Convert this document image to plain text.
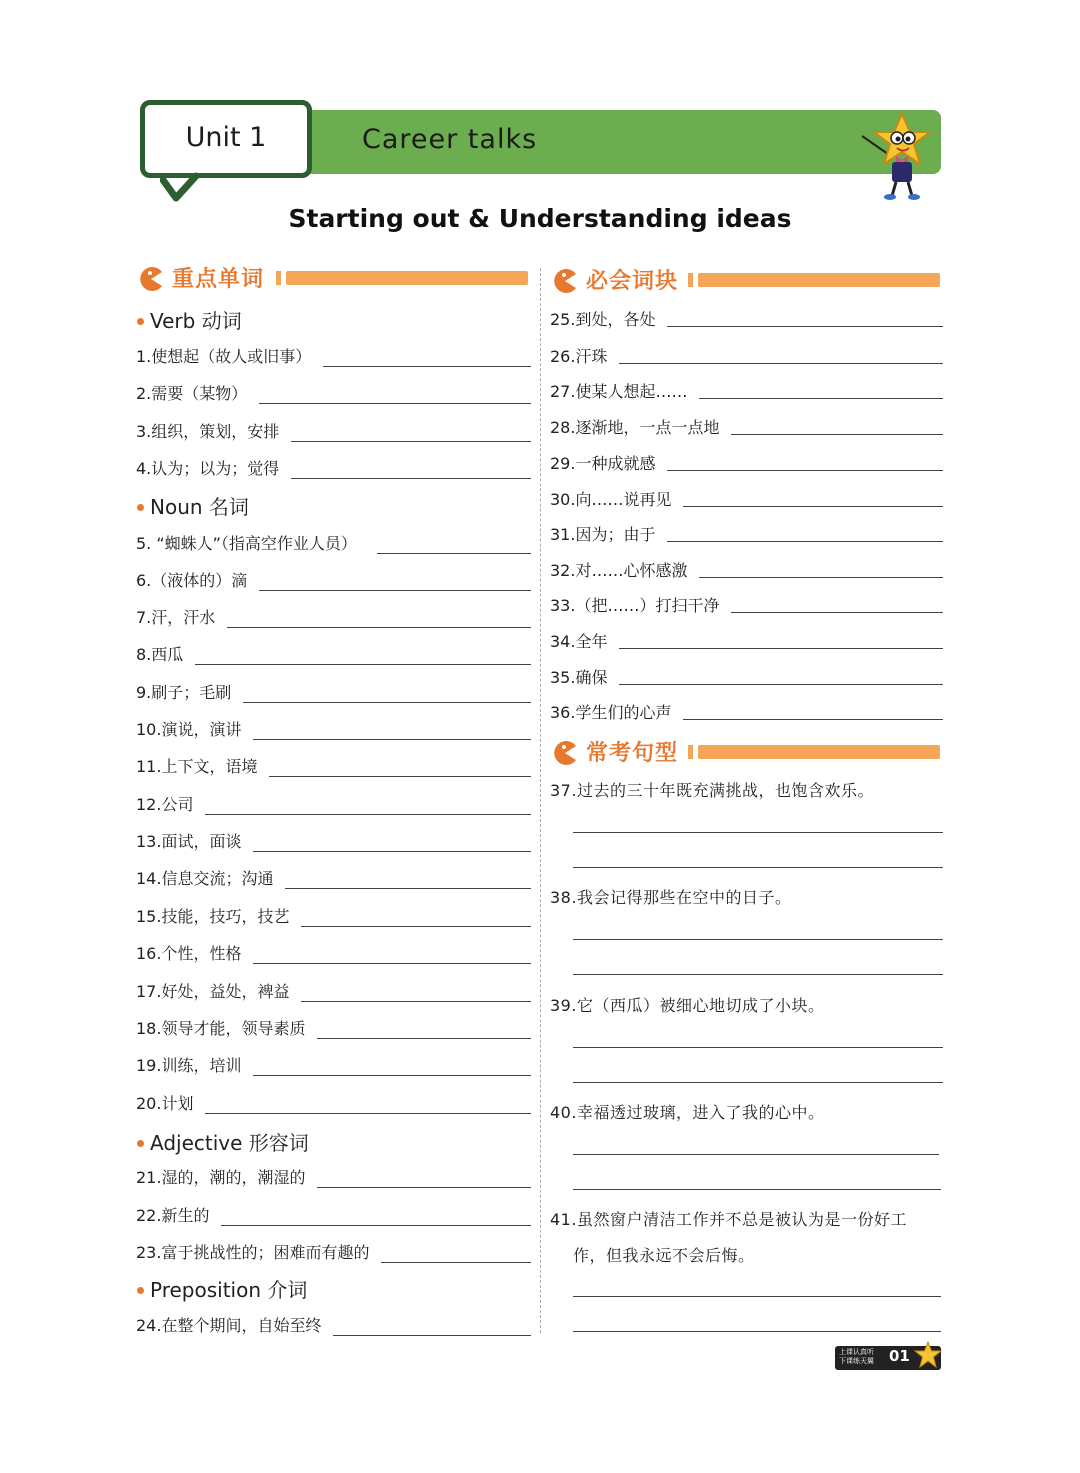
Unit 1	Career talks
Starting out & Understanding ideas
重点单词	必会词块
常考句型
Verb 动词
Noun 名词
Adjective 形容词
Preposition 介词
1.使想起（故人或旧事）
2.需要（某物）
3.组织，策划，安排
4.认为；以为；觉得
5. “蜘蛛人”（指高空作业人员）
6.（液体的）滴
7.汗，汗水
8.西瓜
9.刷子；毛刷
10.演说，演讲
11.上下文，语境
12.公司
13.面试，面谈
14.信息交流；沟通
15.技能，技巧，技艺
16.个性，性格
17.好处，益处，裨益
18.领导才能，领导素质
19.训练，培训
20.计划
21.湿的，潮的，潮湿的
22.新生的
23.富于挑战性的；困难而有趣的
24.在整个期间，自始至终
25.到处，各处
26.汗珠
27.使某人想起……
28.逐渐地，一点一点地
29.一种成就感
30.向……说再见
31.因为；由于
32.对……心怀感激
33.（把……）打扫干净
34.全年
35.确保
36.学生们的心声
37.过去的三十年既充满挑战，也饱含欢乐。
38.我会记得那些在空中的日子。
39.它（西瓜）被细心地切成了小块。
40.幸福透过玻璃，进入了我的心中。
41.虽然窗户清洁工作并不总是被认为是一份好工
作，但我永远不会后悔。
上课认真听
下课练天翼 01
